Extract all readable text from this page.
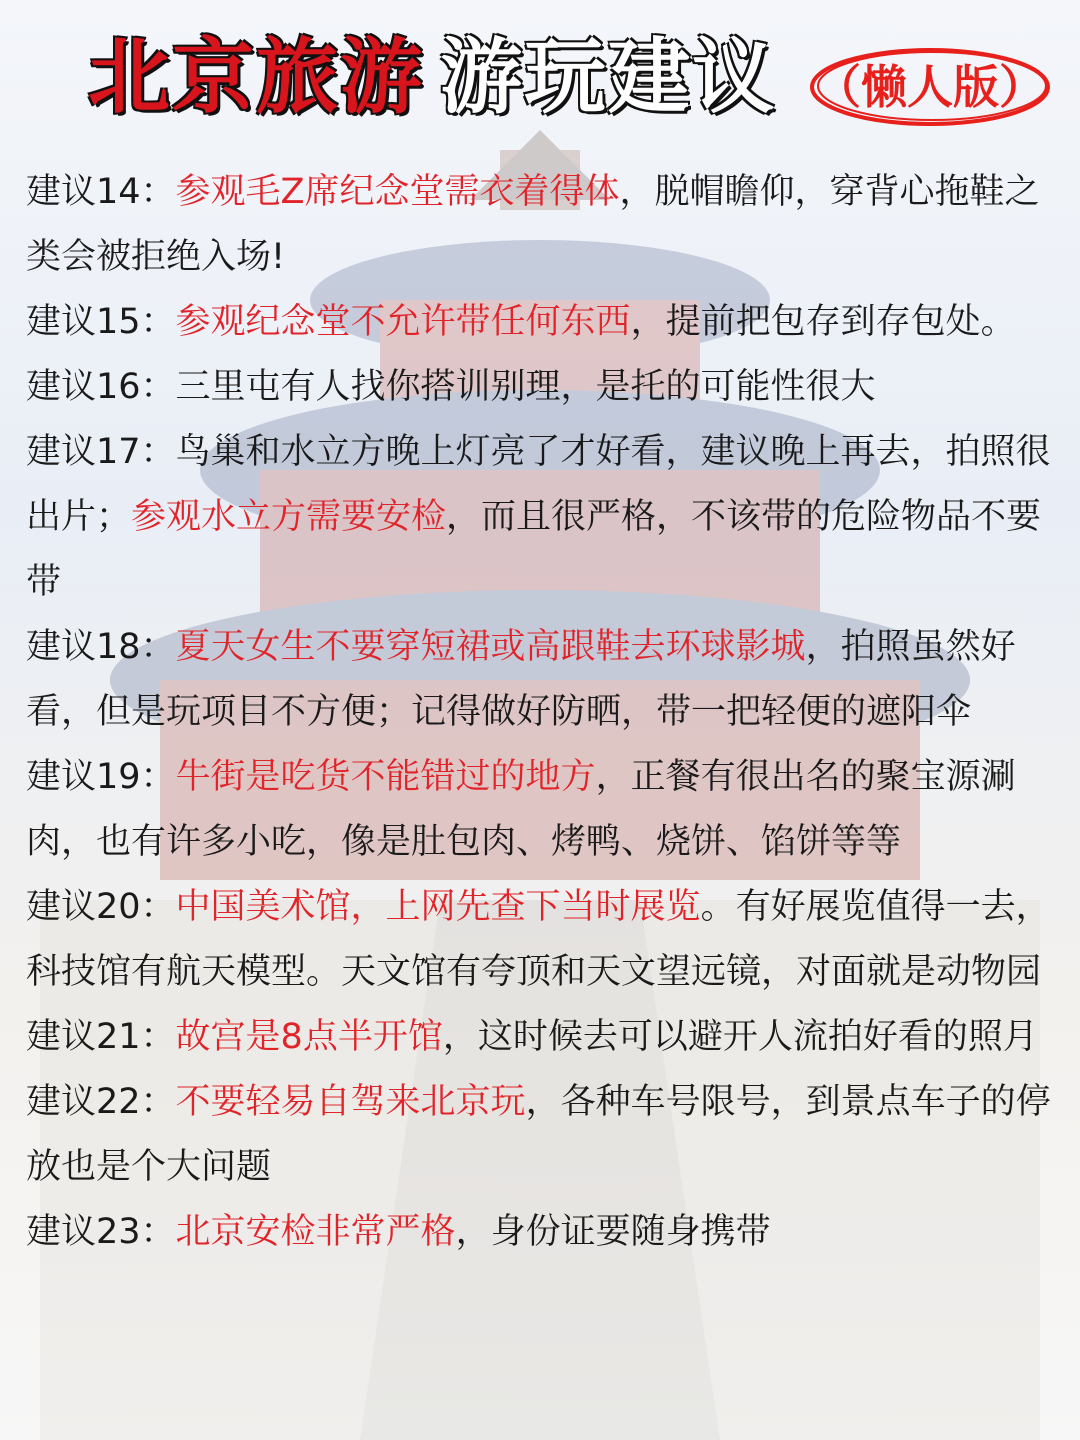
北京旅游 游玩建议 （懒人版）

建议14：参观毛Z席纪念堂需衣着得体，脱帽瞻仰，穿背心拖鞋之类会被拒绝入场!

建议15：参观纪念堂不允许带任何东西，提前把包存到存包处。

建议16：三里屯有人找你搭训别理，是托的可能性很大

建议17：鸟巢和水立方晚上灯亮了才好看，建议晚上再去，拍照很出片；参观水立方需要安检，而且很严格，不该带的危险物品不要带

建议18：夏天女生不要穿短裙或高跟鞋去环球影城，拍照虽然好看，但是玩项目不方便；记得做好防晒，带一把轻便的遮阳伞

建议19：牛街是吃货不能错过的地方，正餐有很出名的聚宝源涮肉，也有许多小吃，像是肚包肉、烤鸭、烧饼、馅饼等等

建议20：中国美术馆，上网先查下当时展览。有好展览值得一去，科技馆有航天模型。天文馆有夸顶和天文望远镜，对面就是动物园

建议21：故宫是8点半开馆，这时候去可以避开人流拍好看的照月

建议22：不要轻易自驾来北京玩，各种车号限号，到景点车子的停放也是个大问题

建议23：北京安检非常严格，身份证要随身携带
